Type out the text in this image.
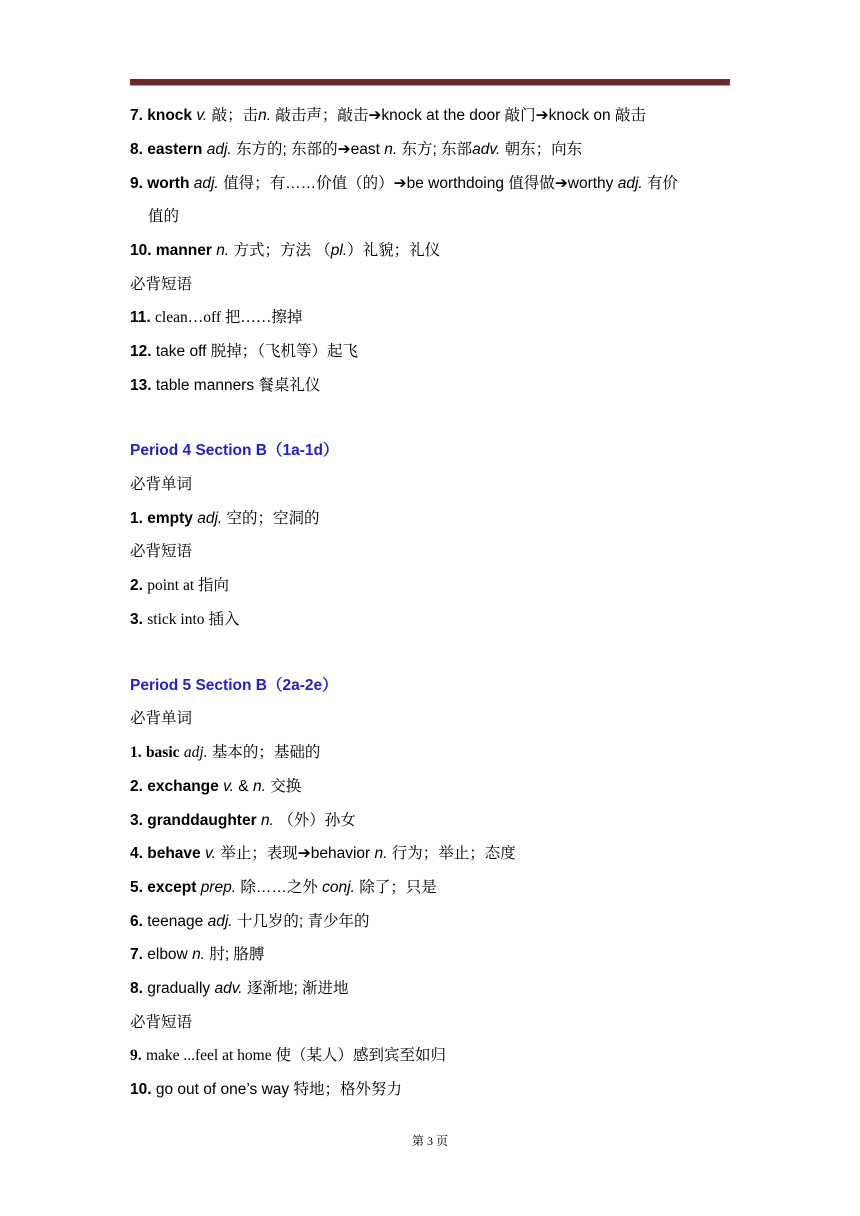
7. knock v. 敲；击n. 敲击声；敲击➔knock at the door 敲门➔knock on 敲击
8. eastern adj. 东方的; 东部的➔east n. 东方; 东部adv. 朝东；向东
9. worth adj. 值得；有……价值（的）➔be worthdoing 值得做➔worthy adj. 有价
值的
10. manner n. 方式；方法 （pl.）礼貌；礼仪
必背短语
11. clean…off 把……擦掉
12. take off 脱掉；（飞机等）起飞
13. table manners 餐桌礼仪
Period 4 Section B（1a-1d）
必背单词
1. empty adj. 空的；空洞的
必背短语
2. point at 指向
3. stick into 插入
Period 5 Section B（2a-2e）
必背单词
1. basic adj. 基本的；基础的
2. exchange v. & n. 交换
3. granddaughter n. （外）孙女
4. behave v. 举止；表现➔behavior n. 行为；举止；态度
5. except prep. 除……之外 conj. 除了；只是
6. teenage adj. 十几岁的; 青少年的
7. elbow n. 肘; 胳膊
8. gradually adv. 逐渐地; 渐进地
必背短语
9. make ...feel at home 使（某人）感到宾至如归
10. go out of one’s way 特地；格外努力
第 3 页
